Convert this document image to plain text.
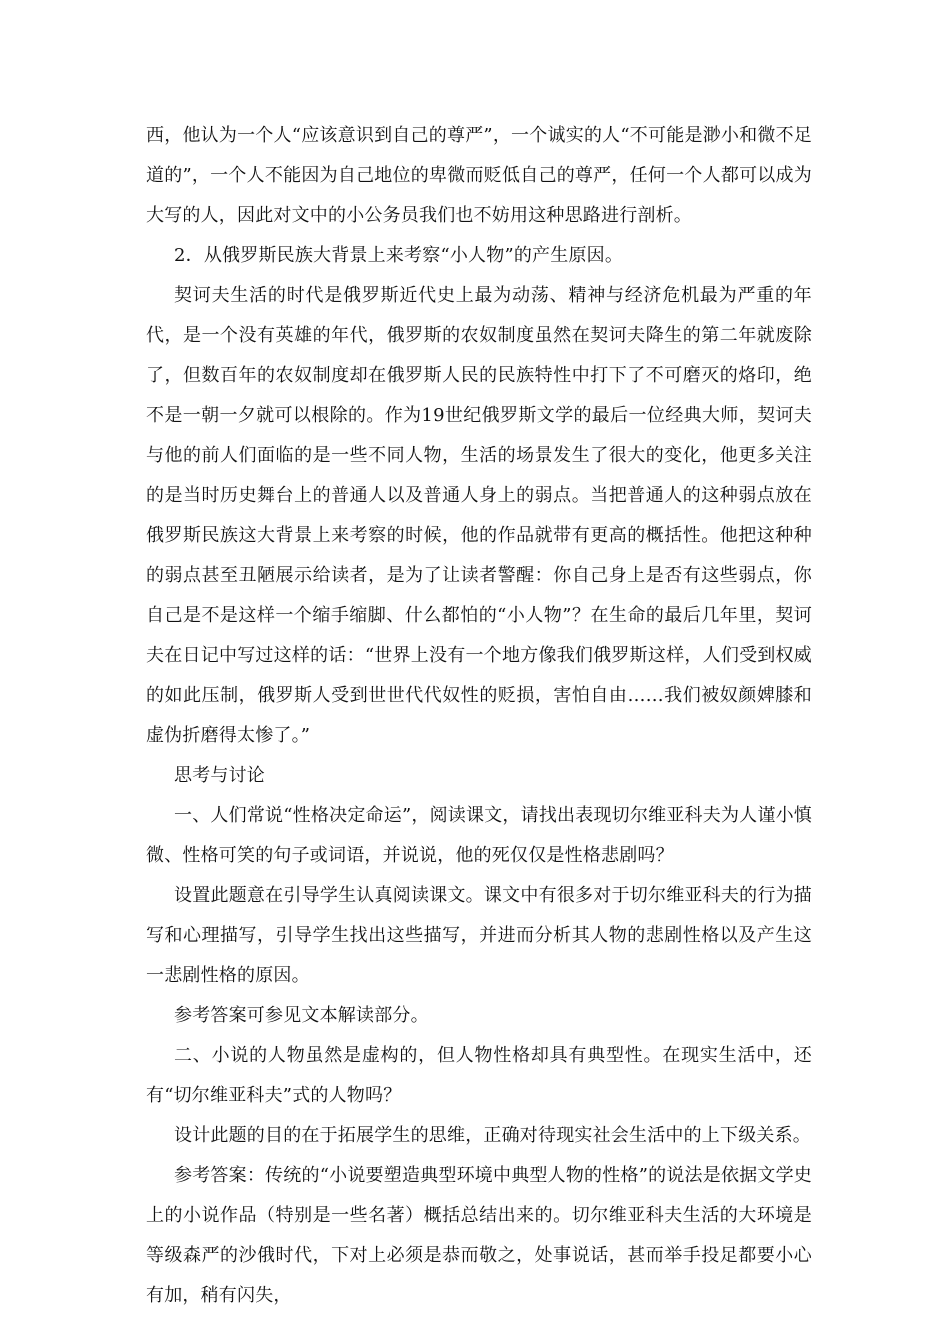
西，他认为一个人“应该意识到自己的尊严”，一个诚实的人“不可能是渺小和微不足道的”，一个人不能因为自己地位的卑微而贬低自己的尊严，任何一个人都可以成为大写的人，因此对文中的小公务员我们也不妨用这种思路进行剖析。

2．从俄罗斯民族大背景上来考察“小人物”的产生原因。

契诃夫生活的时代是俄罗斯近代史上最为动荡、精神与经济危机最为严重的年代，是一个没有英雄的年代，俄罗斯的农奴制度虽然在契诃夫降生的第二年就废除了，但数百年的农奴制度却在俄罗斯人民的民族特性中打下了不可磨灭的烙印，绝不是一朝一夕就可以根除的。作为19世纪俄罗斯文学的最后一位经典大师，契诃夫与他的前人们面临的是一些不同人物，生活的场景发生了很大的变化，他更多关注的是当时历史舞台上的普通人以及普通人身上的弱点。当把普通人的这种弱点放在俄罗斯民族这大背景上来考察的时候，他的作品就带有更高的概括性。他把这种种的弱点甚至丑陋展示给读者，是为了让读者警醒：你自己身上是否有这些弱点，你自己是不是这样一个缩手缩脚、什么都怕的“小人物”？在生命的最后几年里，契诃夫在日记中写过这样的话：“世界上没有一个地方像我们俄罗斯这样，人们受到权威的如此压制，俄罗斯人受到世世代代奴性的贬损，害怕自由……我们被奴颜婢膝和虚伪折磨得太惨了。”

思考与讨论

一、人们常说“性格决定命运”，阅读课文，请找出表现切尔维亚科夫为人谨小慎微、性格可笑的句子或词语，并说说，他的死仅仅是性格悲剧吗？

设置此题意在引导学生认真阅读课文。课文中有很多对于切尔维亚科夫的行为描写和心理描写，引导学生找出这些描写，并进而分析其人物的悲剧性格以及产生这一悲剧性格的原因。

参考答案可参见文本解读部分。

二、小说的人物虽然是虚构的，但人物性格却具有典型性。在现实生活中，还有“切尔维亚科夫”式的人物吗？

设计此题的目的在于拓展学生的思维，正确对待现实社会生活中的上下级关系。

参考答案：传统的“小说要塑造典型环境中典型人物的性格”的说法是依据文学史上的小说作品（特别是一些名著）概括总结出来的。切尔维亚科夫生活的大环境是等级森严的沙俄时代，下对上必须是恭而敬之，处事说话，甚而举手投足都要小心有加，稍有闪失，
